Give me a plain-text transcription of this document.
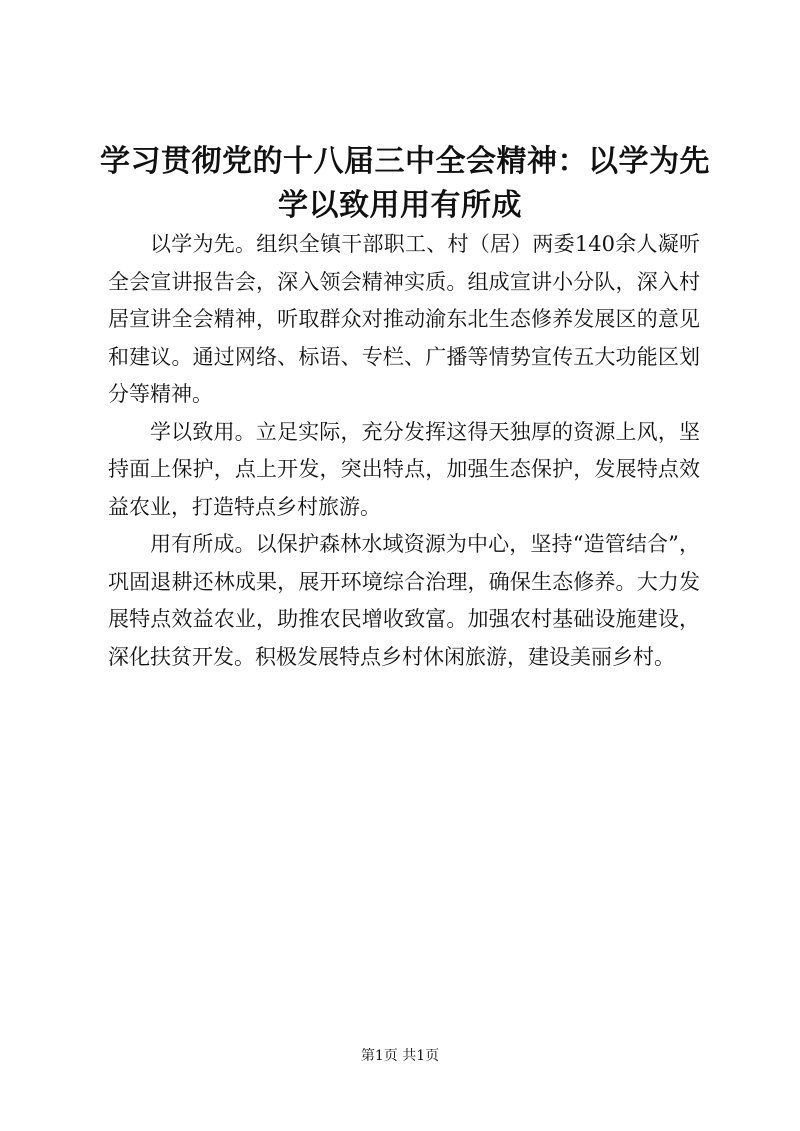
学习贯彻党的十八届三中全会精神：以学为先
学以致用用有所成

以学为先。组织全镇干部职工、村（居）两委140余人凝听全会宣讲报告会，深入领会精神实质。组成宣讲小分队，深入村居宣讲全会精神，听取群众对推动渝东北生态修养发展区的意见和建议。通过网络、标语、专栏、广播等情势宣传五大功能区划分等精神。

学以致用。立足实际，充分发挥这得天独厚的资源上风，坚持面上保护，点上开发，突出特点，加强生态保护，发展特点效益农业，打造特点乡村旅游。

用有所成。以保护森林水域资源为中心，坚持“造管结合”，巩固退耕还林成果，展开环境综合治理，确保生态修养。大力发展特点效益农业，助推农民增收致富。加强农村基础设施建设，深化扶贫开发。积极发展特点乡村休闲旅游，建设美丽乡村。

第1页 共1页
